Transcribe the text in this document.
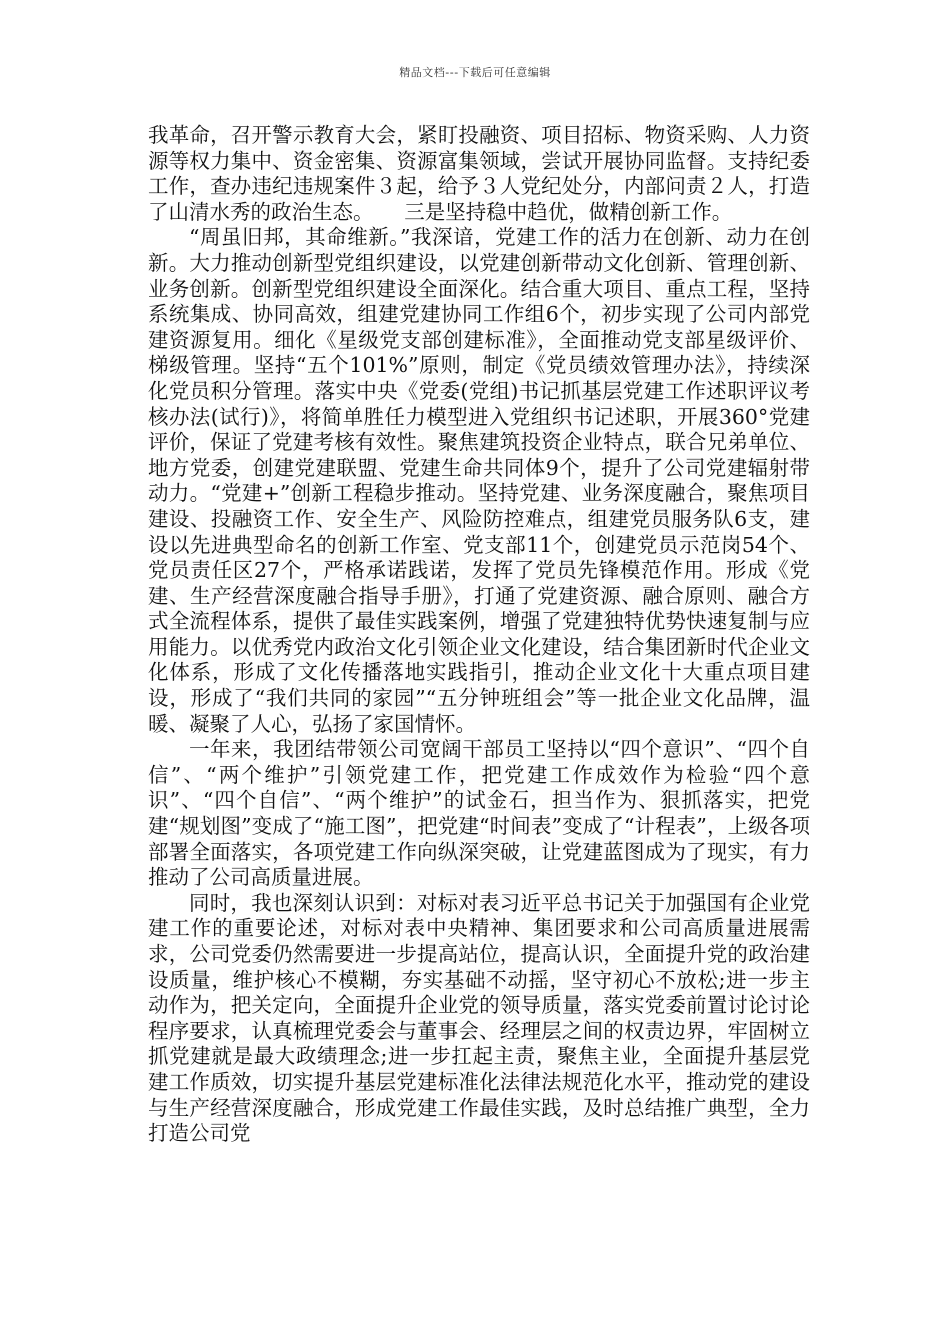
精品文档---下载后可任意编辑

我革命，召开警示教育大会，紧盯投融资、项目招标、物资采购、人力资源等权力集中、资金密集、资源富集领域，尝试开展协同监督。支持纪委工作，查办违纪违规案件３起，给予３人党纪处分，内部问责２人，打造了山清水秀的政治生态。　　三是坚持稳中趋优，做精创新工作。

“周虽旧邦，其命维新。”我深谙，党建工作的活力在创新、动力在创新。大力推动创新型党组织建设，以党建创新带动文化创新、管理创新、业务创新。创新型党组织建设全面深化。结合重大项目、重点工程，坚持系统集成、协同高效，组建党建协同工作组6个，初步实现了公司内部党建资源复用。细化《星级党支部创建标准》，全面推动党支部星级评价、梯级管理。坚持“五个101%”原则，制定《党员绩效管理办法》，持续深化党员积分管理。落实中央《党委(党组)书记抓基层党建工作述职评议考核办法(试行)》，将简单胜任力模型进入党组织书记述职，开展360°党建评价，保证了党建考核有效性。聚焦建筑投资企业特点，联合兄弟单位、地方党委，创建党建联盟、党建生命共同体9个，提升了公司党建辐射带动力。“党建+”创新工程稳步推动。坚持党建、业务深度融合，聚焦项目建设、投融资工作、安全生产、风险防控难点，组建党员服务队6支，建设以先进典型命名的创新工作室、党支部11个，创建党员示范岗54个、党员责任区27个，严格承诺践诺，发挥了党员先锋模范作用。形成《党建、生产经营深度融合指导手册》，打通了党建资源、融合原则、融合方式全流程体系，提供了最佳实践案例，增强了党建独特优势快速复制与应用能力。以优秀党内政治文化引领企业文化建设，结合集团新时代企业文化体系，形成了文化传播落地实践指引，推动企业文化十大重点项目建设，形成了“我们共同的家园”“五分钟班组会”等一批企业文化品牌，温暖、凝聚了人心，弘扬了家国情怀。

一年来，我团结带领公司宽阔干部员工坚持以“四个意识”、“四个自信”、“两个维护”引领党建工作，把党建工作成效作为检验“四个意识”、“四个自信”、“两个维护”的试金石，担当作为、狠抓落实，把党建“规划图”变成了“施工图”，把党建“时间表”变成了“计程表”，上级各项部署全面落实，各项党建工作向纵深突破，让党建蓝图成为了现实，有力推动了公司高质量进展。

同时，我也深刻认识到：对标对表习近平总书记关于加强国有企业党建工作的重要论述，对标对表中央精神、集团要求和公司高质量进展需求，公司党委仍然需要进一步提高站位，提高认识，全面提升党的政治建设质量，维护核心不模糊，夯实基础不动摇，坚守初心不放松;进一步主动作为，把关定向，全面提升企业党的领导质量，落实党委前置讨论讨论程序要求，认真梳理党委会与董事会、经理层之间的权责边界，牢固树立抓党建就是最大政绩理念;进一步扛起主责，聚焦主业，全面提升基层党建工作质效，切实提升基层党建标准化法律法规范化水平，推动党的建设与生产经营深度融合，形成党建工作最佳实践，及时总结推广典型，全力打造公司党
